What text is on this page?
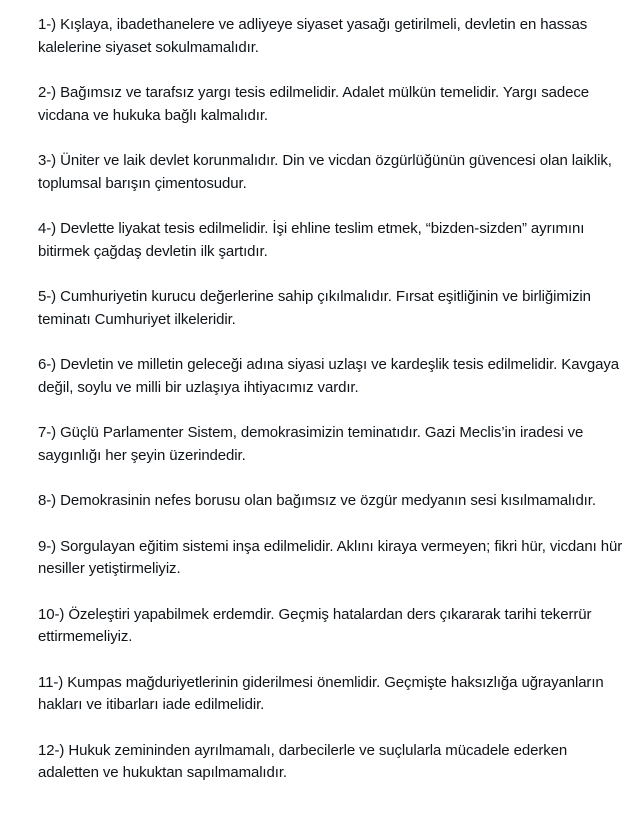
1-) Kışlaya, ibadethanelere ve adliyeye siyaset yasağı getirilmeli, devletin en hassas kalelerine siyaset sokulmamalıdır.

2-) Bağımsız ve tarafsız yargı tesis edilmelidir. Adalet mülkün temelidir. Yargı sadece vicdana ve hukuka bağlı kalmalıdır.

3-) Üniter ve laik devlet korunmalıdır. Din ve vicdan özgürlüğünün güvencesi olan laiklik, toplumsal barışın çimentosudur.

4-) Devlette liyakat tesis edilmelidir. İşi ehline teslim etmek, “bizden-sizden” ayrımını bitirmek çağdaş devletin ilk şartıdır.

5-) Cumhuriyetin kurucu değerlerine sahip çıkılmalıdır. Fırsat eşitliğinin ve birliğimizin teminatı Cumhuriyet ilkeleridir.

6-) Devletin ve milletin geleceği adına siyasi uzlaşı ve kardeşlik tesis edilmelidir. Kavgaya değil, soylu ve milli bir uzlaşıya ihtiyacımız vardır.

7-) Güçlü Parlamenter Sistem, demokrasimizin teminatıdır. Gazi Meclis’in iradesi ve saygınlığı her şeyin üzerindedir.

8-) Demokrasinin nefes borusu olan bağımsız ve özgür medyanın sesi kısılmamalıdır.

9-) Sorgulayan eğitim sistemi inşa edilmelidir. Aklını kiraya vermeyen; fikri hür, vicdanı hür nesiller yetiştirmeliyiz.

10-) Özeleştiri yapabilmek erdemdir. Geçmiş hatalardan ders çıkararak tarihi tekerrür ettirmemeliyiz.

11-) Kumpas mağduriyetlerinin giderilmesi önemlidir. Geçmişte haksızlığa uğrayanların hakları ve itibarları iade edilmelidir.

12-) Hukuk zemininden ayrılmamalı, darbecilerle ve suçlularla mücadele ederken adaletten ve hukuktan sapılmamalıdır.
